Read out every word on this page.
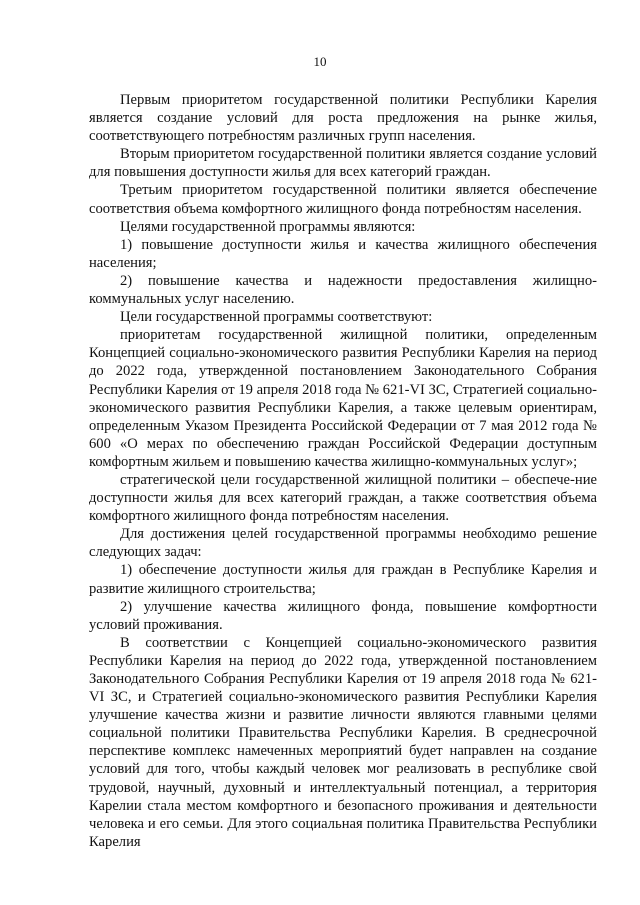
10

Первым приоритетом государственной политики Республики Карелия является создание условий для роста предложения на рынке жилья, соответствующего потребностям различных групп населения.

Вторым приоритетом государственной политики является создание условий для повышения доступности жилья для всех категорий граждан.

Третьим приоритетом государственной политики является обеспечение соответствия объема комфортного жилищного фонда потребностям населения.

Целями государственной программы являются:

1) повышение доступности жилья и качества жилищного обеспечения населения;

2) повышение качества и надежности предоставления жилищно-коммунальных услуг населению.

Цели государственной программы соответствуют:

приоритетам государственной жилищной политики, определенным Концепцией социально-экономического развития Республики Карелия на период до 2022 года, утвержденной постановлением Законодательного Собрания Республики Карелия от 19 апреля 2018 года № 621-VI ЗС, Стратегией социально-экономического развития Республики Карелия, а также целевым ориентирам, определенным Указом Президента Российской Федерации от 7 мая 2012 года № 600 «О мерах по обеспечению граждан Российской Федерации доступным комфортным жильем и повышению качества жилищно-коммунальных услуг»;

стратегической цели государственной жилищной политики – обеспече-ние доступности жилья для всех категорий граждан, а также соответствия объема комфортного жилищного фонда потребностям населения.

Для достижения целей государственной программы необходимо решение следующих задач:

1) обеспечение доступности жилья для граждан в Республике Карелия и развитие жилищного строительства;

2) улучшение качества жилищного фонда, повышение комфортности условий проживания.

В соответствии с Концепцией социально-экономического развития Республики Карелия на период до 2022 года, утвержденной постановлением Законодательного Собрания Республики Карелия от 19 апреля 2018 года № 621-VI ЗС, и Стратегией социально-экономического развития Республики Карелия улучшение качества жизни и развитие личности являются главными целями социальной политики Правительства Республики Карелия. В среднесрочной перспективе комплекс намеченных мероприятий будет направлен на создание условий для того, чтобы каждый человек мог реализовать в республике свой трудовой, научный, духовный и интеллектуальный потенциал, а территория Карелии стала местом комфортного и безопасного проживания и деятельности человека и его семьи. Для этого социальная политика Правительства Республики Карелия
